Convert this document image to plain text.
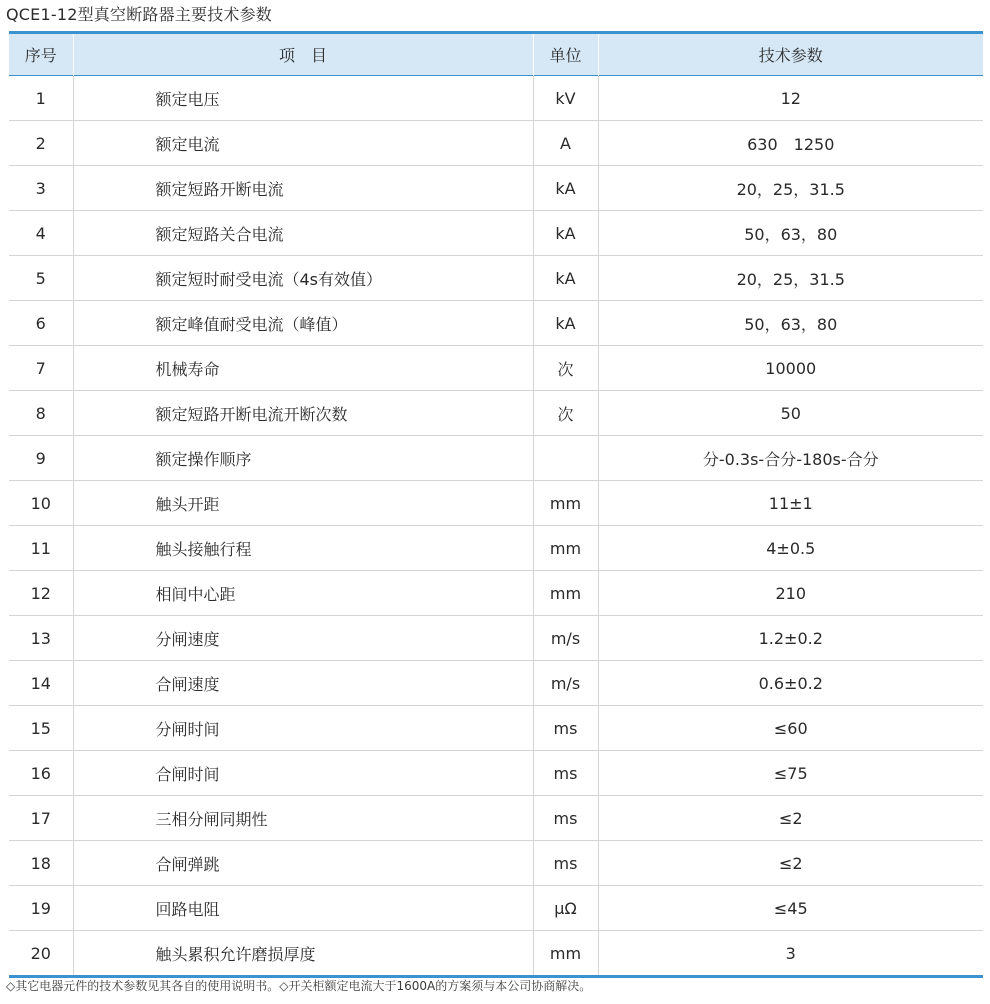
QCE1-12型真空断路器主要技术参数
序号	项　目	单位	技术参数
1	额定电压	kV	12
2	额定电流	A	630　1250
3	额定短路开断电流	kA	20，25，31.5
4	额定短路关合电流	kA	50，63，80
5	额定短时耐受电流（4s有效值）	kA	20，25，31.5
6	额定峰值耐受电流（峰值）	kA	50，63，80
7	机械寿命	次	10000
8	额定短路开断电流开断次数	次	50
9	额定操作顺序		分-0.3s-合分-180s-合分
10	触头开距	mm	11±1
11	触头接触行程	mm	4±0.5
12	相间中心距	mm	210
13	分闸速度	m/s	1.2±0.2
14	合闸速度	m/s	0.6±0.2
15	分闸时间	ms	≤60
16	合闸时间	ms	≤75
17	三相分闸同期性	ms	≤2
18	合闸弹跳	ms	≤2
19	回路电阻	μΩ	≤45
20	触头累积允许磨损厚度	mm	3
◇其它电器元件的技术参数见其各自的使用说明书。◇开关柜额定电流大于1600A的方案须与本公司协商解决。
